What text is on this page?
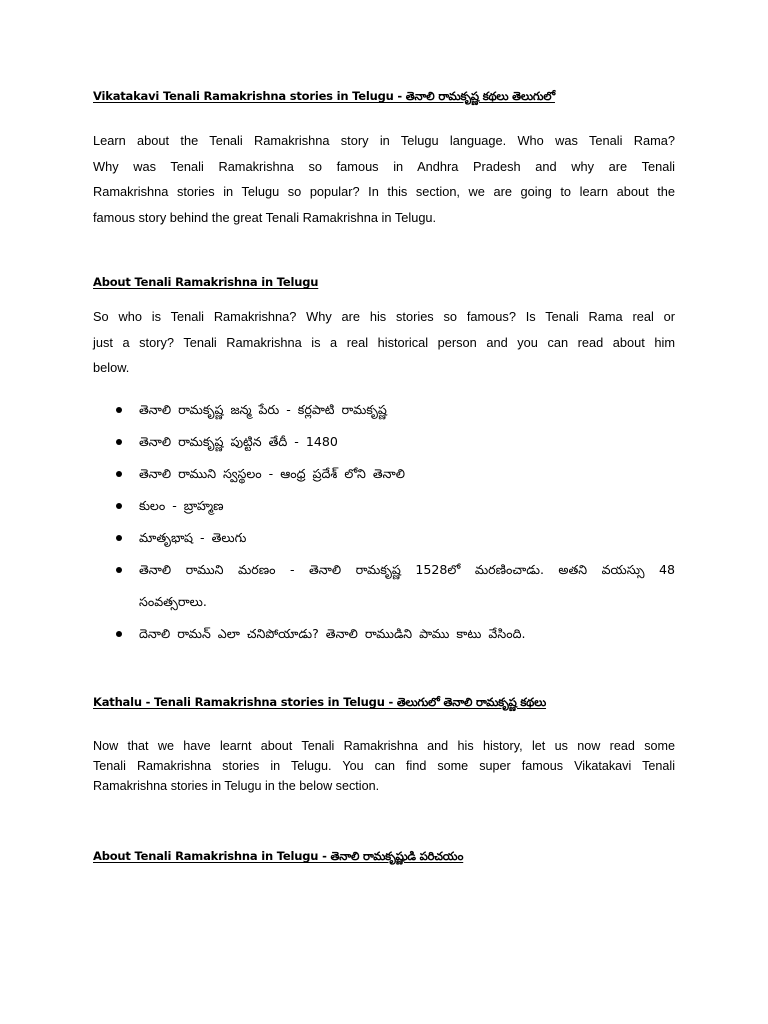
Vikatakavi Tenali Ramakrishna stories in Telugu - తెనాలి రామకృష్ణ కథలు తెలుగులో

Learn about the Tenali Ramakrishna story in Telugu language. Who was Tenali Rama?
Why was Tenali Ramakrishna so famous in Andhra Pradesh and why are Tenali
Ramakrishna stories in Telugu so popular? In this section, we are going to learn about the
famous story behind the great Tenali Ramakrishna in Telugu.

About Tenali Ramakrishna in Telugu

So who is Tenali Ramakrishna? Why are his stories so famous? Is Tenali Rama real or
just a story? Tenali Ramakrishna is a real historical person and you can read about him
below.

తెనాలి రామకృష్ణ జన్మ పేరు - కర్లపాటి రామకృష్ణ
తెనాలి రామకృష్ణ పుట్టిన తేదీ - 1480
తెనాలి రాముని స్వస్థలం - ఆంధ్ర ప్రదేశ్ లోని తెనాలి
కులం - బ్రాహ్మణ
మాతృభాష - తెలుగు
తెనాలి రాముని మరణం - తెనాలి రామకృష్ణ 1528లో మరణించాడు. అతని వయస్సు 48
సంవత్సరాలు.
దెనాలి రామన్ ఎలా చనిపోయాడు? తెనాలి రాముడిని పాము కాటు వేసింది.
Kathalu - Tenali Ramakrishna stories in Telugu - తెలుగులో తెనాలి రామకృష్ణ కథలు

Now that we have learnt about Tenali Ramakrishna and his history, let us now read some
Tenali Ramakrishna stories in Telugu. You can find some super famous Vikatakavi Tenali
Ramakrishna stories in Telugu in the below section.

About Tenali Ramakrishna in Telugu - తెనాలి రామకృష్ణుడి పరిచయం
